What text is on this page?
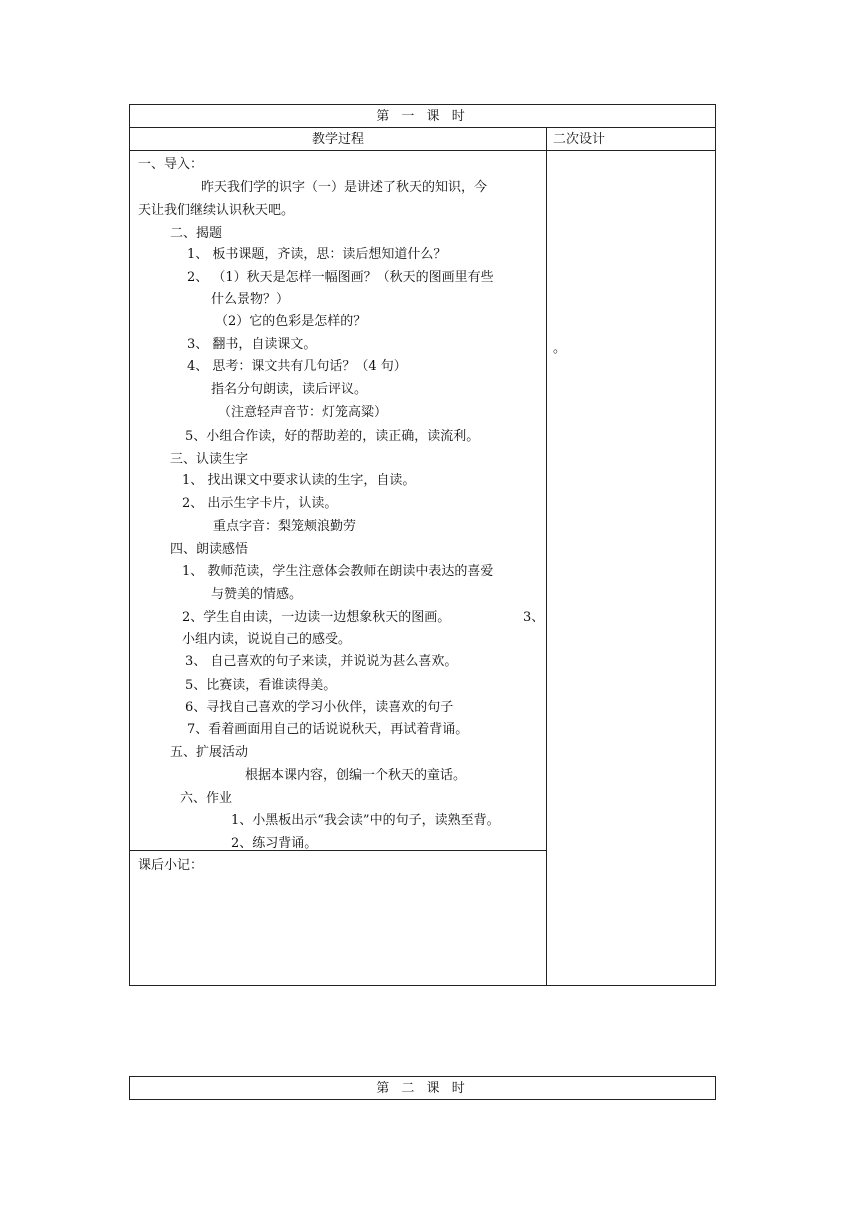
第 一 课 时
教学过程	二次设计
一、导入：
昨天我们学的识字（一）是讲述了秋天的知识，今
天让我们继续认识秋天吧。
二、揭题
1、 板书课题，齐读，思：读后想知道什么？
2、 （1）秋天是怎样一幅图画？（秋天的图画里有些
什么景物？）
（2）它的色彩是怎样的？
3、 翻书，自读课文。
4、 思考：课文共有几句话？（4 句）
指名分句朗读，读后评议。
（注意轻声音节：灯笼高粱）
5、小组合作读，好的帮助差的，读正确，读流利。
三、认读生字
1、 找出课文中要求认读的生字，自读。
2、 出示生字卡片，认读。
重点字音：梨笼颊浪勤劳
四、朗读感悟
1、 教师范读，学生注意体会教师在朗读中表达的喜爱
与赞美的情感。
2、学生自由读，一边读一边想象秋天的图画。	3、
小组内读，说说自己的感受。
3、 自己喜欢的句子来读，并说说为甚么喜欢。
5、比赛读，看谁读得美。
6、寻找自己喜欢的学习小伙伴，读喜欢的句子
7、看着画面用自己的话说说秋天，再试着背诵。
五、扩展活动
根据本课内容，创编一个秋天的童话。
六、作业
1、小黑板出示“我会读”中的句子，读熟至背。
2、练习背诵。
。
课后小记：
第 二 课 时
